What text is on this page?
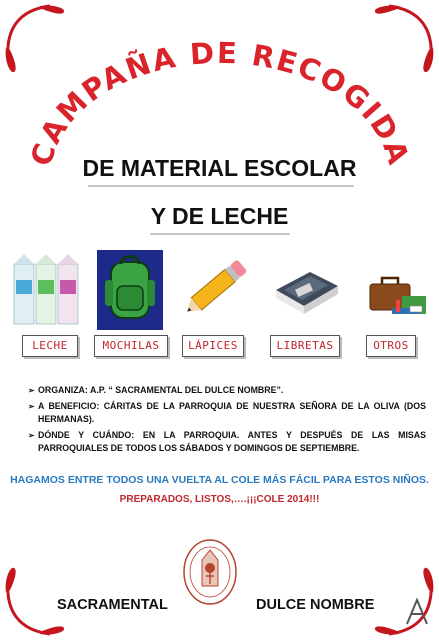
CAMPAÑA DE RECOGIDA
DE MATERIAL ESCOLAR
Y DE LECHE
LECHE	MOCHILAS	LÁPICES	LIBRETAS	OTROS
➢ ORGANIZA: A.P. “ SACRAMENTAL DEL DULCE NOMBRE”.
➢ A BENEFICIO: CÁRITAS DE LA PARROQUIA DE NUESTRA SEÑORA DE LA OLIVA (DOS HERMANAS).
➢ DÓNDE Y CUÁNDO: EN LA PARROQUIA. ANTES Y DESPUÉS DE LAS MISAS PARROQUIALES DE TODOS LOS SÁBADOS Y DOMINGOS DE SEPTIEMBRE.
HAGAMOS ENTRE TODOS UNA VUELTA AL COLE MÁS FÁCIL PARA ESTOS NIÑOS.
PREPARADOS, LISTOS,….¡¡¡COLE 2014!!!
SACRAMENTAL	DULCE NOMBRE
